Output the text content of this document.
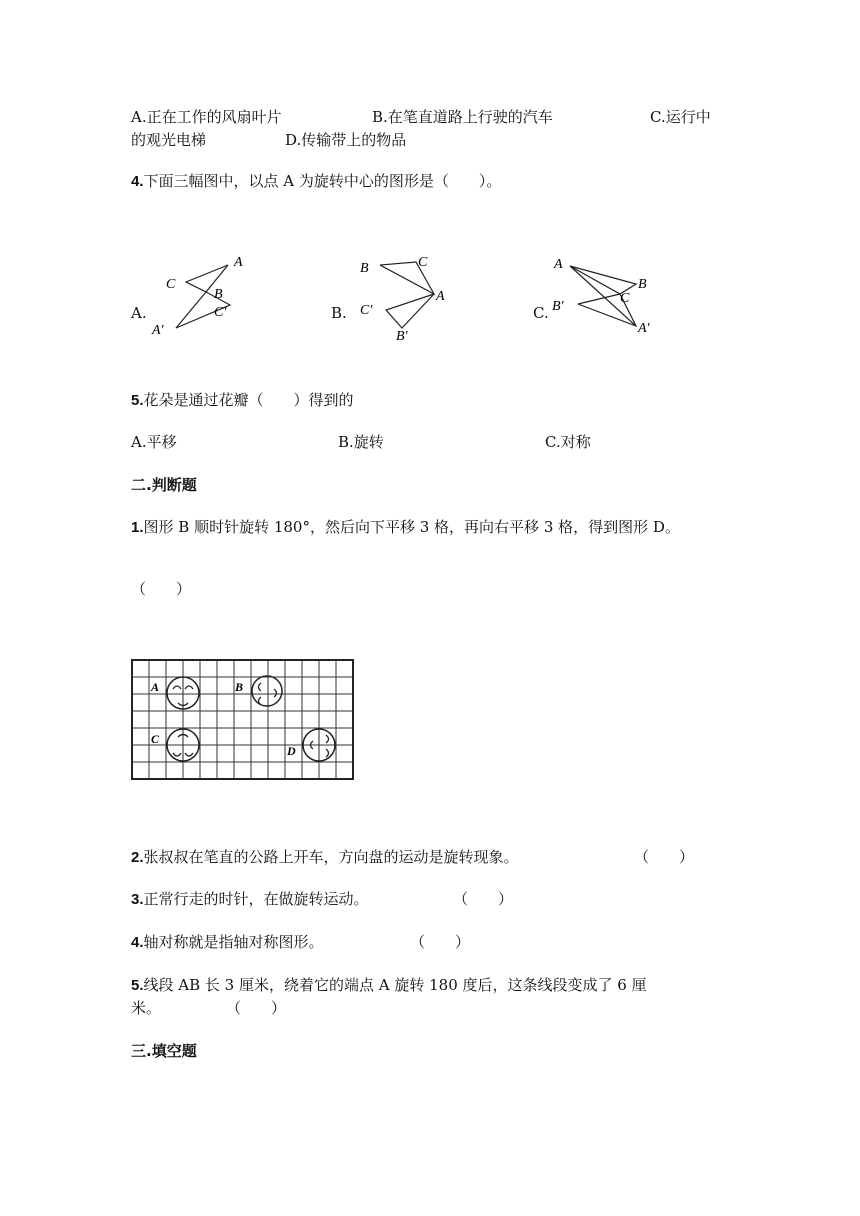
A.正在工作的风扇叶片	B.在笔直道路上行驶的汽车	C.运行中
的观光电梯	D.传输带上的物品
4.下面三幅图中，以点 A 为旋转中心的图形是（　　）。
A.	B.	C.
A
C
B
C'
A'
B	C
A
C'
B'
A
B
C
B'
A'
5.花朵是通过花瓣（　　）得到的
A.平移	B.旋转	C.对称
二.判断题
1.图形 B 顺时针旋转 180°，然后向下平移 3 格，再向右平移 3 格，得到图形 D。
（　　）
A	B
C
D
2.张叔叔在笔直的公路上开车，方向盘的运动是旋转现象。	（　　）
3.正常行走的时针，在做旋转运动。	（　　）
4.轴对称就是指轴对称图形。	（　　）
5.线段 AB 长 3 厘米，绕着它的端点 A 旋转 180 度后，这条线段变成了 6 厘
米。	（　　）
三.填空题
